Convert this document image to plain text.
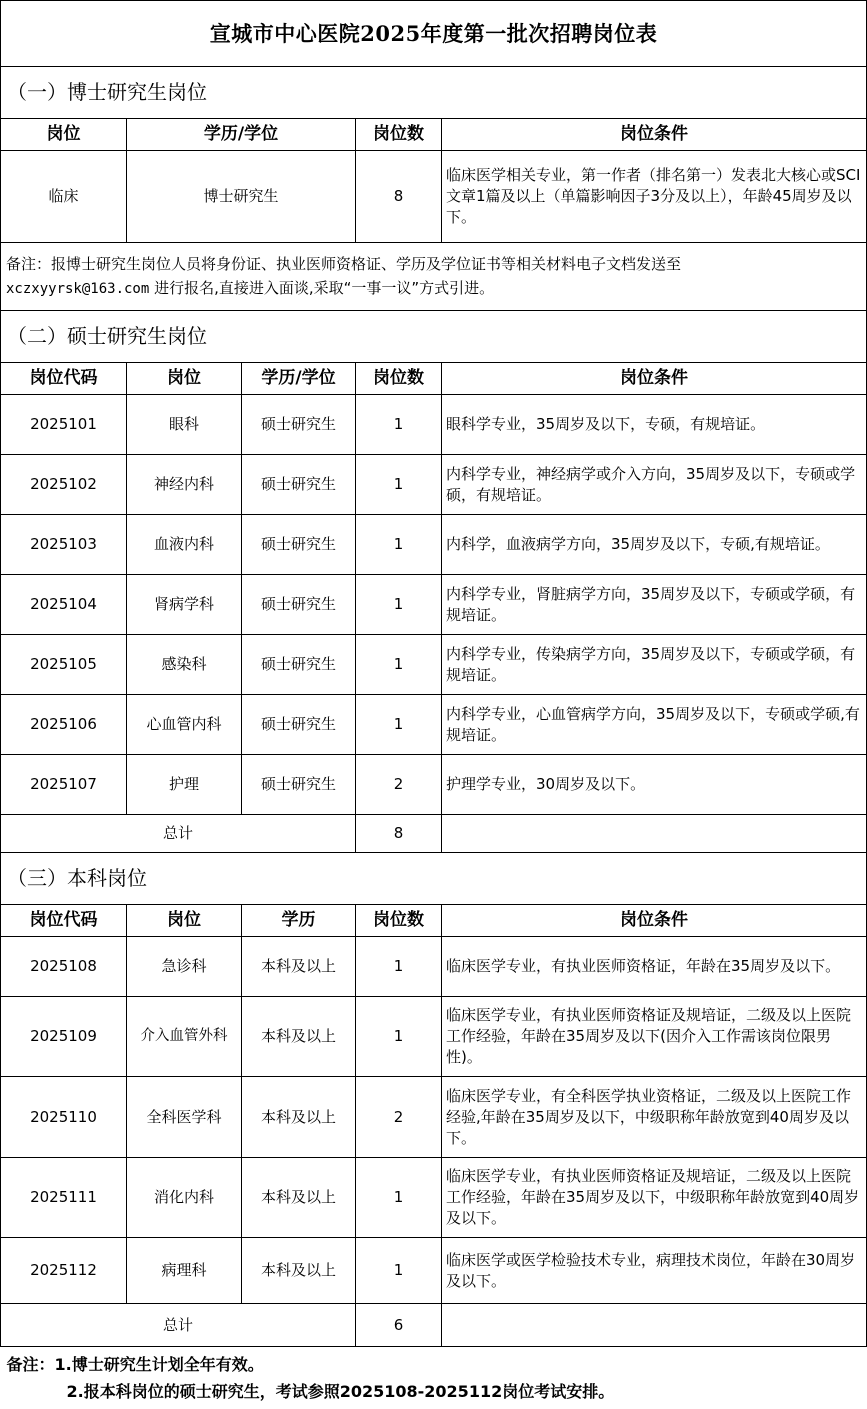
宣城市中心医院2025年度第一批次招聘岗位表				
（一）博士研究生岗位				
岗位	学历/学位		岗位数	岗位条件
临床	博士研究生		8	临床医学相关专业，第一作者（排名第一）发表北大核心或SCI文章1篇及以上（单篇影响因子3分及以上），年龄45周岁及以下。
备注：报博士研究生岗位人员将身份证、执业医师资格证、学历及学位证书等相关材料电子文档发送至
xczxyyrsk@163.com 进行报名,直接进入面谈,采取“一事一议”方式引进。				
（二）硕士研究生岗位				
岗位代码	岗位	学历/学位	岗位数	岗位条件
2025101	眼科	硕士研究生	1	眼科学专业，35周岁及以下，专硕，有规培证。
2025102	神经内科	硕士研究生	1	内科学专业，神经病学或介入方向，35周岁及以下，专硕或学硕，有规培证。
2025103	血液内科	硕士研究生	1	内科学，血液病学方向，35周岁及以下，专硕,有规培证。
2025104	肾病学科	硕士研究生	1	内科学专业，肾脏病学方向，35周岁及以下，专硕或学硕，有规培证。
2025105	感染科	硕士研究生	1	内科学专业，传染病学方向，35周岁及以下，专硕或学硕，有规培证。
2025106	心血管内科	硕士研究生	1	内科学专业，心血管病学方向，35周岁及以下，专硕或学硕,有规培证。
2025107	护理	硕士研究生	2	护理学专业，30周岁及以下。
总计			8	
（三）本科岗位				
岗位代码	岗位	学历	岗位数	岗位条件
2025108	急诊科	本科及以上	1	临床医学专业，有执业医师资格证，年龄在35周岁及以下。
2025109	介入血管外科	本科及以上	1	临床医学专业，有执业医师资格证及规培证，二级及以上医院工作经验，年龄在35周岁及以下(因介入工作需该岗位限男性)。
2025110	全科医学科	本科及以上	2	临床医学专业，有全科医学执业资格证，二级及以上医院工作经验,年龄在35周岁及以下，中级职称年龄放宽到40周岁及以下。
2025111	消化内科	本科及以上	1	临床医学专业，有执业医师资格证及规培证，二级及以上医院工作经验，年龄在35周岁及以下，中级职称年龄放宽到40周岁及以下。
2025112	病理科	本科及以上	1	临床医学或医学检验技术专业，病理技术岗位，年龄在30周岁及以下。
总计			6	
备注：1.博士研究生计划全年有效。
2.报本科岗位的硕士研究生，考试参照2025108-2025112岗位考试安排。				
